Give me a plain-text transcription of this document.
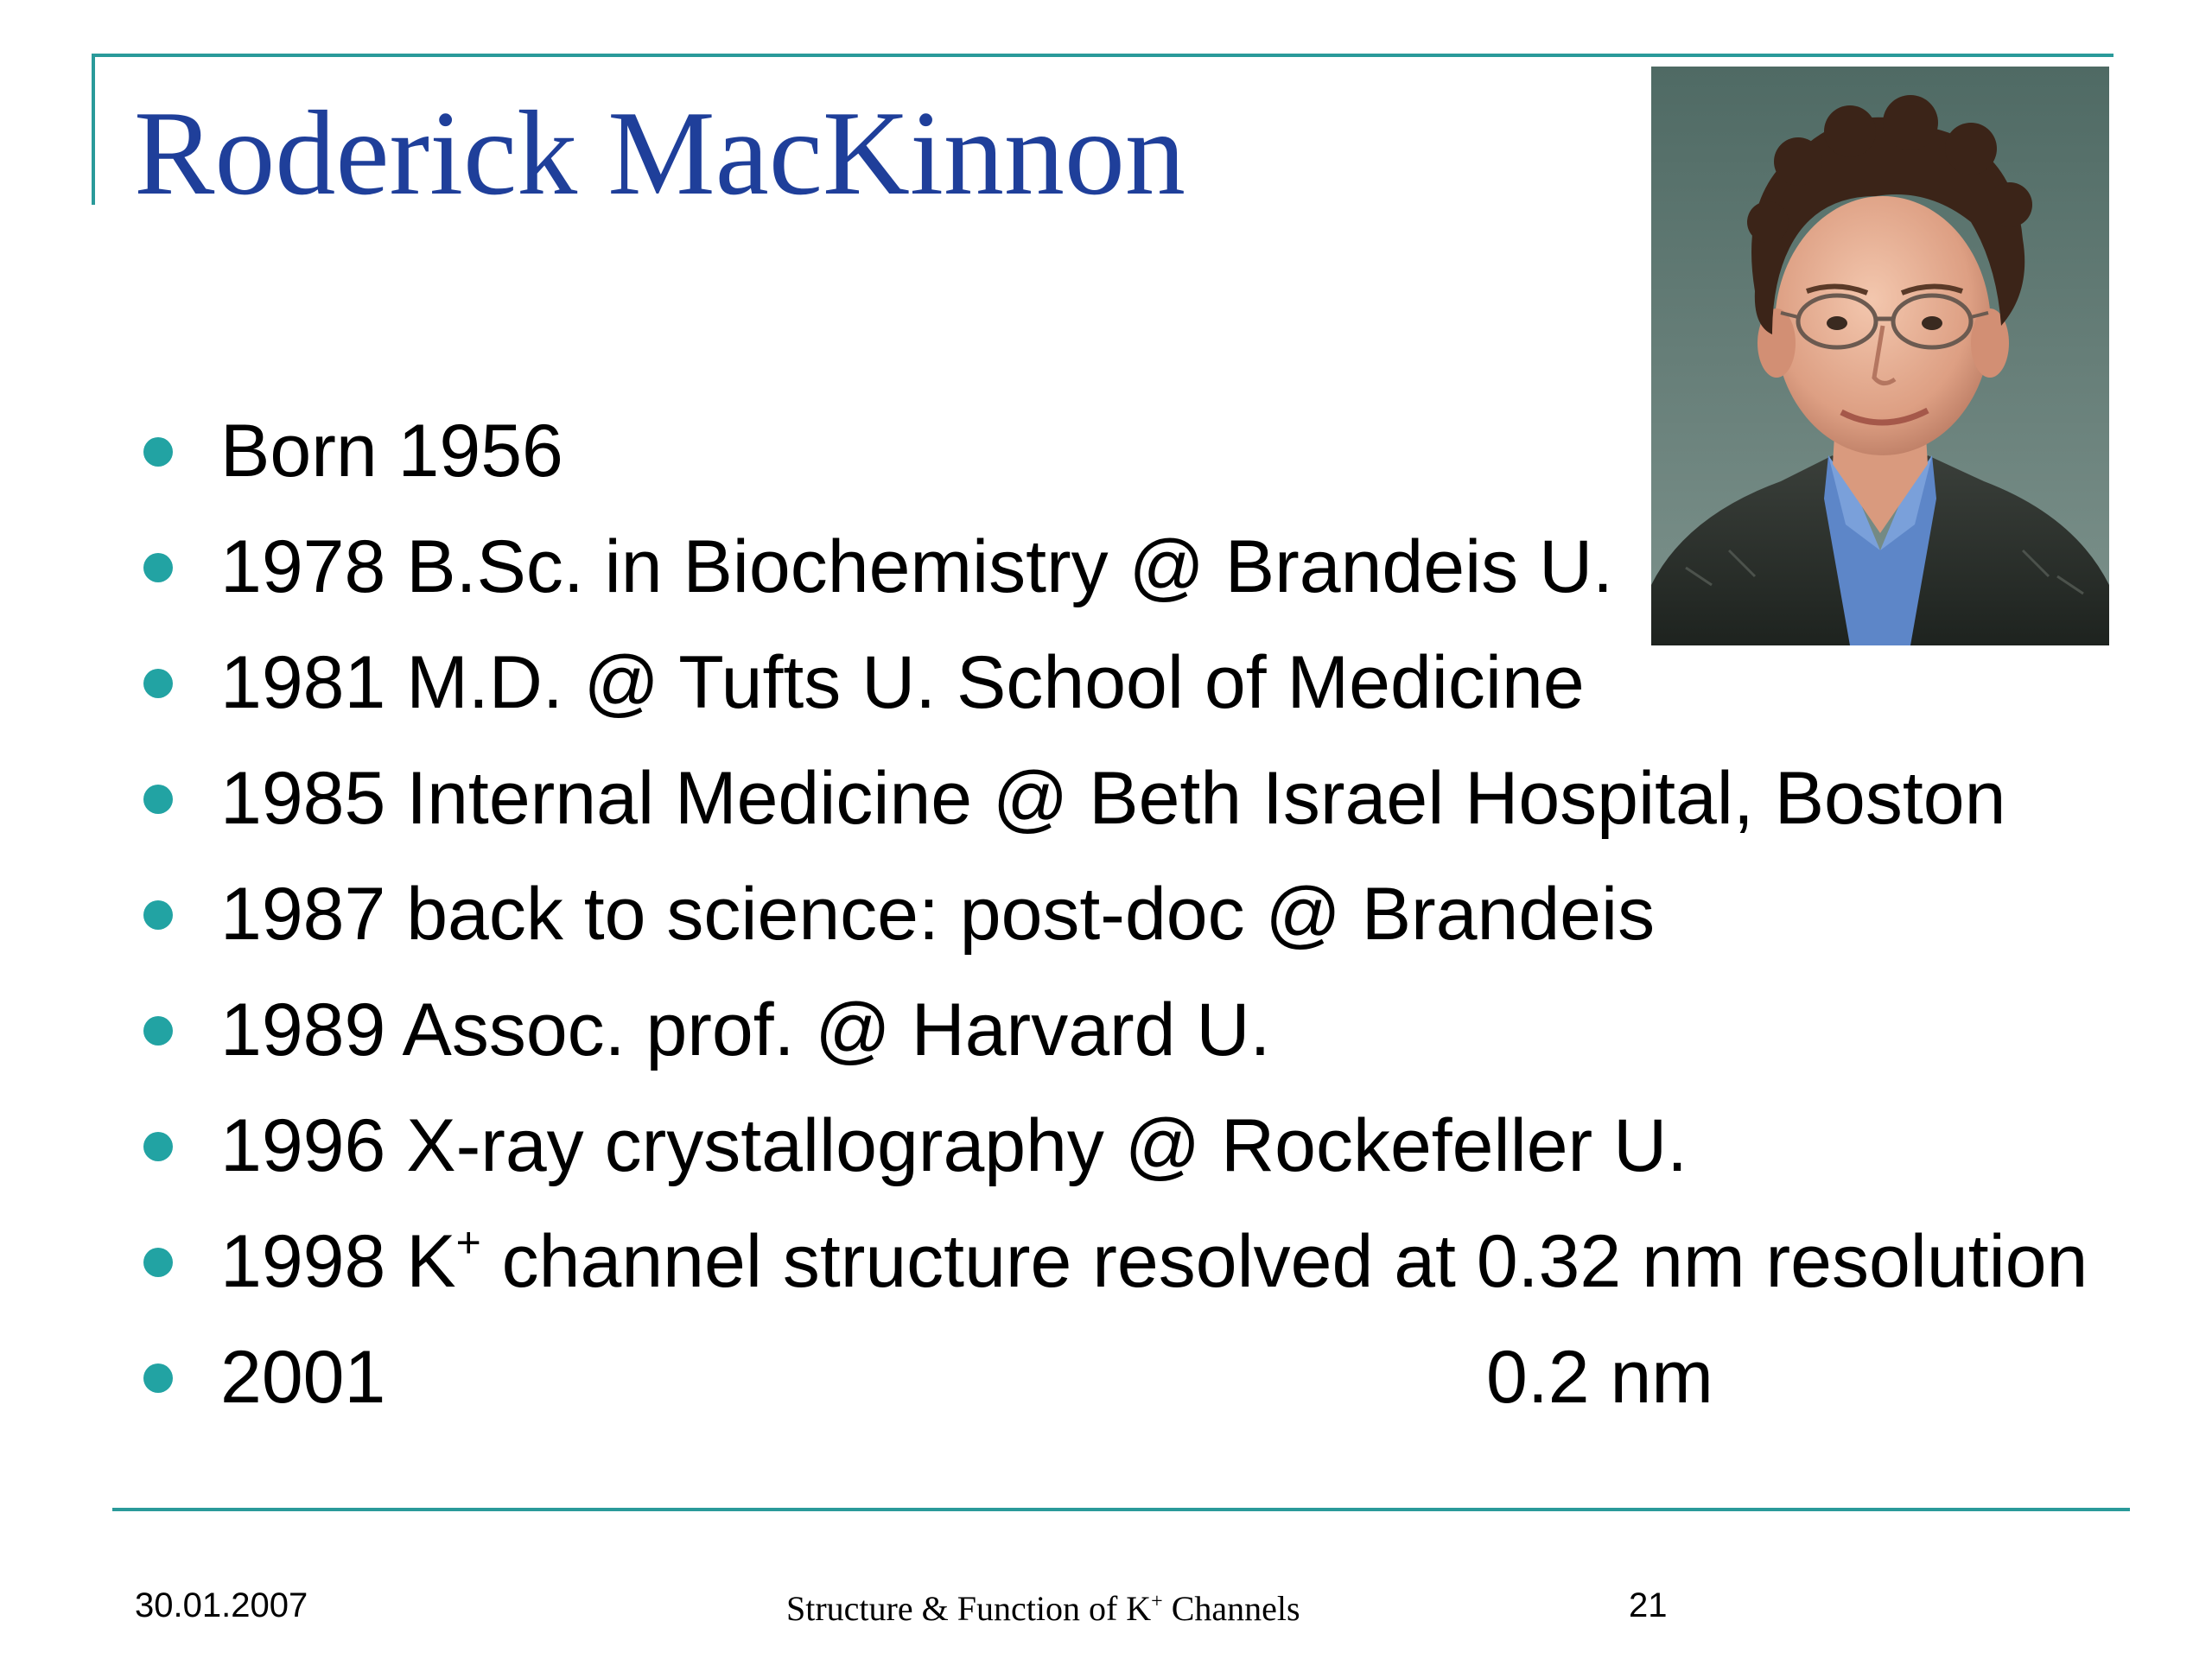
Roderick MacKinnon
Born 1956
1978 B.Sc. in Biochemistry @ Brandeis U.
1981 M.D. @ Tufts U. School of Medicine
1985 Internal Medicine @ Beth Israel Hospital, Boston
1987 back to science: post-doc @ Brandeis
1989 Assoc. prof. @ Harvard U.
1996 X-ray crystallography @ Rockefeller U.
1998 K+ channel structure resolved at 0.32 nm resolution
2001	0.2 nm
30.01.2007	Structure & Function of K+ Channels	21
